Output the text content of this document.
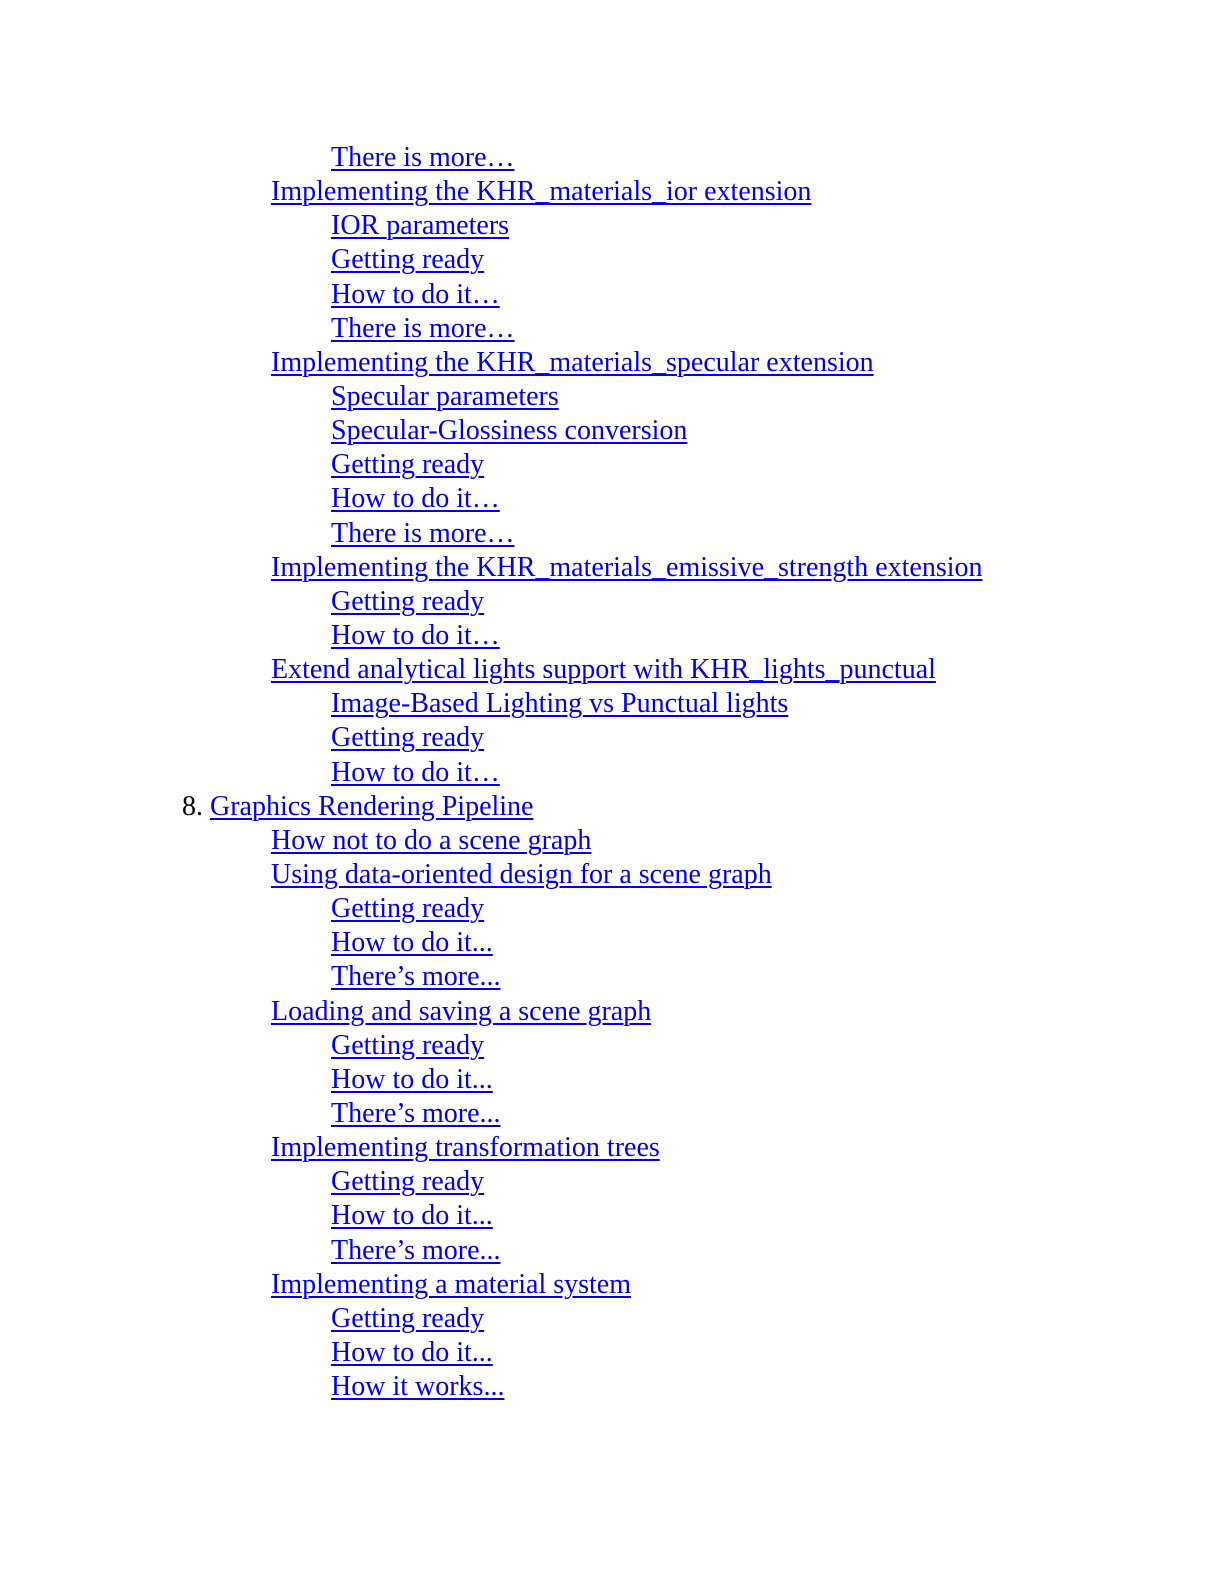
There is more…
Implementing the KHR_materials_ior extension
IOR parameters
Getting ready
How to do it…
There is more…
Implementing the KHR_materials_specular extension
Specular parameters
Specular-Glossiness conversion
Getting ready
How to do it…
There is more…
Implementing the KHR_materials_emissive_strength extension
Getting ready
How to do it…
Extend analytical lights support with KHR_lights_punctual
Image-Based Lighting vs Punctual lights
Getting ready
How to do it…
8. Graphics Rendering Pipeline
How not to do a scene graph
Using data-oriented design for a scene graph
Getting ready
How to do it...
There’s more...
Loading and saving a scene graph
Getting ready
How to do it...
There’s more...
Implementing transformation trees
Getting ready
How to do it...
There’s more...
Implementing a material system
Getting ready
How to do it...
How it works...
